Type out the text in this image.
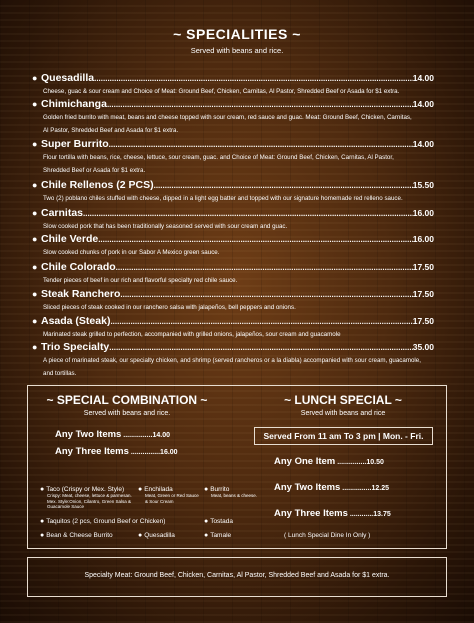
~ SPECIALITIES ~
Served with beans and rice.
● Quesadilla .....	14.00
Cheese, guac & sour cream and Choice of Meat: Ground Beef, Chicken, Carnitas, Al Pastor, Shredded Beef or Asada for $1 extra.
● Chimichanga .....	14.00
Golden fried burrito with meat, beans and cheese topped with sour cream, red sauce and guac. Meat: Ground Beef, Chicken, Carnitas,
Al Pastor, Shredded Beef and Asada for $1 extra.
● Super Burrito .....	14.00
Flour tortilla with beans, rice, cheese, lettuce, sour cream, guac. and Choice of Meat: Ground Beef, Chicken, Carnitas, Al Pastor,
Shredded Beef or Asada for $1 extra.
● Chile Rellenos (2 PCS) .....	15.50
Two (2) poblano chiles stuffed with cheese, dipped in a light egg batter and topped with our signature homemade red relleno sauce.
● Carnitas .....	16.00
Slow cooked pork that has been traditionally seasoned served with sour cream and guac.
● Chile Verde .....	16.00
Slow cooked chunks of pork in our Sabor A Mexico green sauce.
● Chile Colorado .....	17.50
Tender pieces of beef in our rich and flavorful specialty red chile sauce.
● Steak Ranchero .....	17.50
Sliced pieces of steak cooked in our ranchero salsa with jalapeños, bell peppers and onions.
● Asada (Steak) .....	17.50
Marinated steak grilled to perfection, accompanied with grilled onions, jalapeños, sour cream and guacamole
● Trio Specialty .....	35.00
A piece of marinated steak, our specialty chicken, and shrimp (served rancheros or a la diabla) accompanied with sour cream, guacamole,
and tortillas.
~ SPECIAL COMBINATION ~
Served with beans and rice.
Any Two Items ...............14.00
Any Three Items ...............16.00
● Taco (Crispy or Mex. Style)
Crispy: Meat, cheese, lettuce & parmesan. Mex. Style:Onion, Cilantro, Green Salsa & Guacamole Sauce
● Enchilada
Meat, Green or Red Sauce & Sour Cream
● Burrito
Meat, beans & cheese.
● Taquitos (2 pcs, Ground Beef or Chicken)	● Tostada
● Bean & Cheese Burrito	● Quesadilla	● Tamale
~ LUNCH SPECIAL ~
Served with beans and rice
Served From 11 am To 3 pm | Mon. - Fri.
Any One Item ...............10.50
Any Two Items ...............12.25
Any Three Items ............13.75
( Lunch Special Dine In Only )
Specialty Meat: Ground Beef, Chicken, Carnitas, Al Pastor, Shredded Beef and Asada for $1 extra.
